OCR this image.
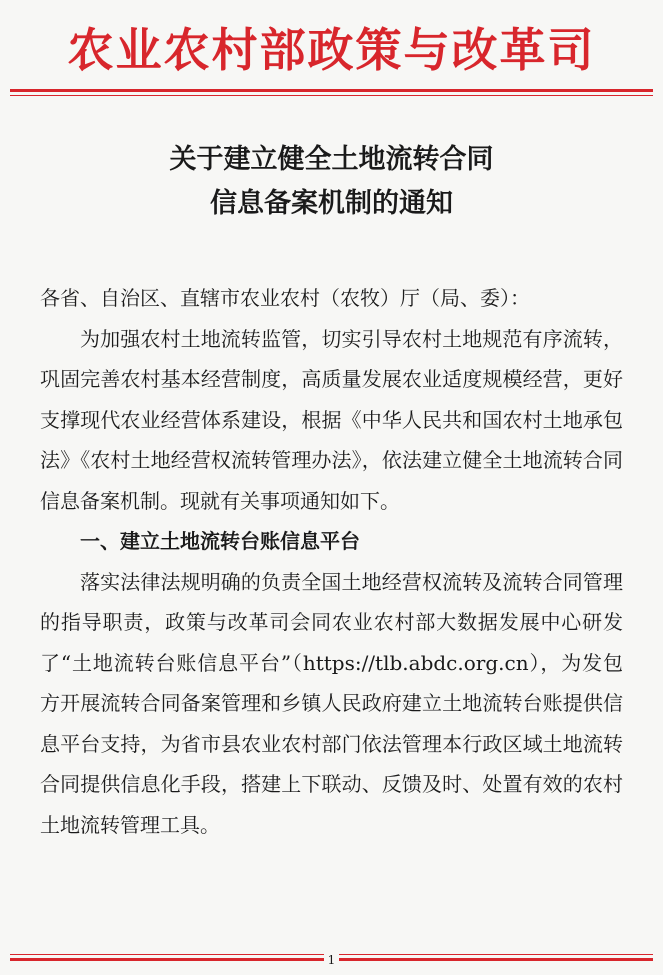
农业农村部政策与改革司
关于建立健全土地流转合同
信息备案机制的通知

各省、自治区、直辖市农业农村（农牧）厅（局、委）：

为加强农村土地流转监管，切实引导农村土地规范有序流转，巩固完善农村基本经营制度，高质量发展农业适度规模经营，更好支撑现代农业经营体系建设，根据《中华人民共和国农村土地承包法》《农村土地经营权流转管理办法》，依法建立健全土地流转合同信息备案机制。现就有关事项通知如下。

一、建立土地流转台账信息平台

落实法律法规明确的负责全国土地经营权流转及流转合同管理的指导职责，政策与改革司会同农业农村部大数据发展中心研发了“土地流转台账信息平台”（https://tlb.abdc.org.cn），为发包方开展流转合同备案管理和乡镇人民政府建立土地流转台账提供信息平台支持，为省市县农业农村部门依法管理本行政区域土地流转合同提供信息化手段，搭建上下联动、反馈及时、处置有效的农村土地流转管理工具。

1
